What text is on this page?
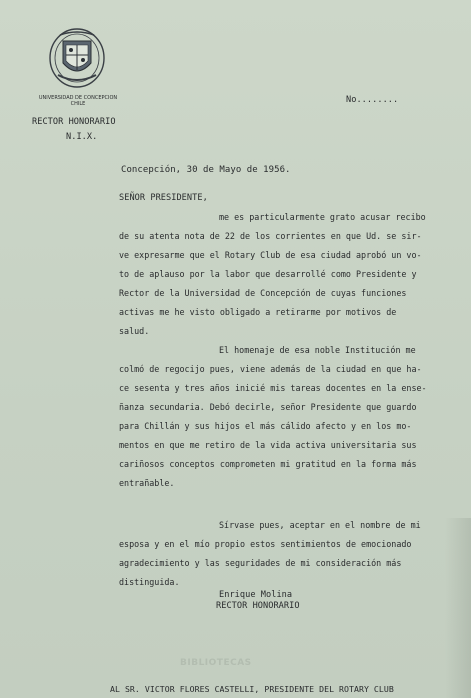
UNIVERSIDAD DE CONCEPCION
CHILE
RECTOR HONORARIO
N.I.X.
No........
Concepción, 30 de Mayo de 1956.
SEÑOR PRESIDENTE,
me es particularmente grato acusar recibo
de su atenta nota de 22 de los corrientes en que Ud. se sir-
ve expresarme que el Rotary Club de esa ciudad aprobó un vo-
to de aplauso por la labor que desarrollé como Presidente y
Rector de la Universidad de Concepción de cuyas funciones
activas me he visto obligado a retirarme por motivos de
salud.
El homenaje de esa noble Institución me
colmó de regocijo pues, viene además de la ciudad en que ha-
ce sesenta y tres años inicié mis tareas docentes en la ense-
ñanza secundaria. Debó decirle, señor Presidente que guardo
para Chillán y sus hijos el más cálido afecto y en los mo-
mentos en que me retiro de la vida activa universitaria sus
cariñosos conceptos comprometen mi gratitud en la forma más
entrañable.
Sírvase pues, aceptar en el nombre de mi
esposa y en el mío propio estos sentimientos de emocionado
agradecimiento y las seguridades de mi consideración más
distinguida.
Enrique Molina
RECTOR HONORARIO
BIBLIOTECAS
AL SR. VICTOR FLORES CASTELLI, PRESIDENTE DEL ROTARY CLUB
